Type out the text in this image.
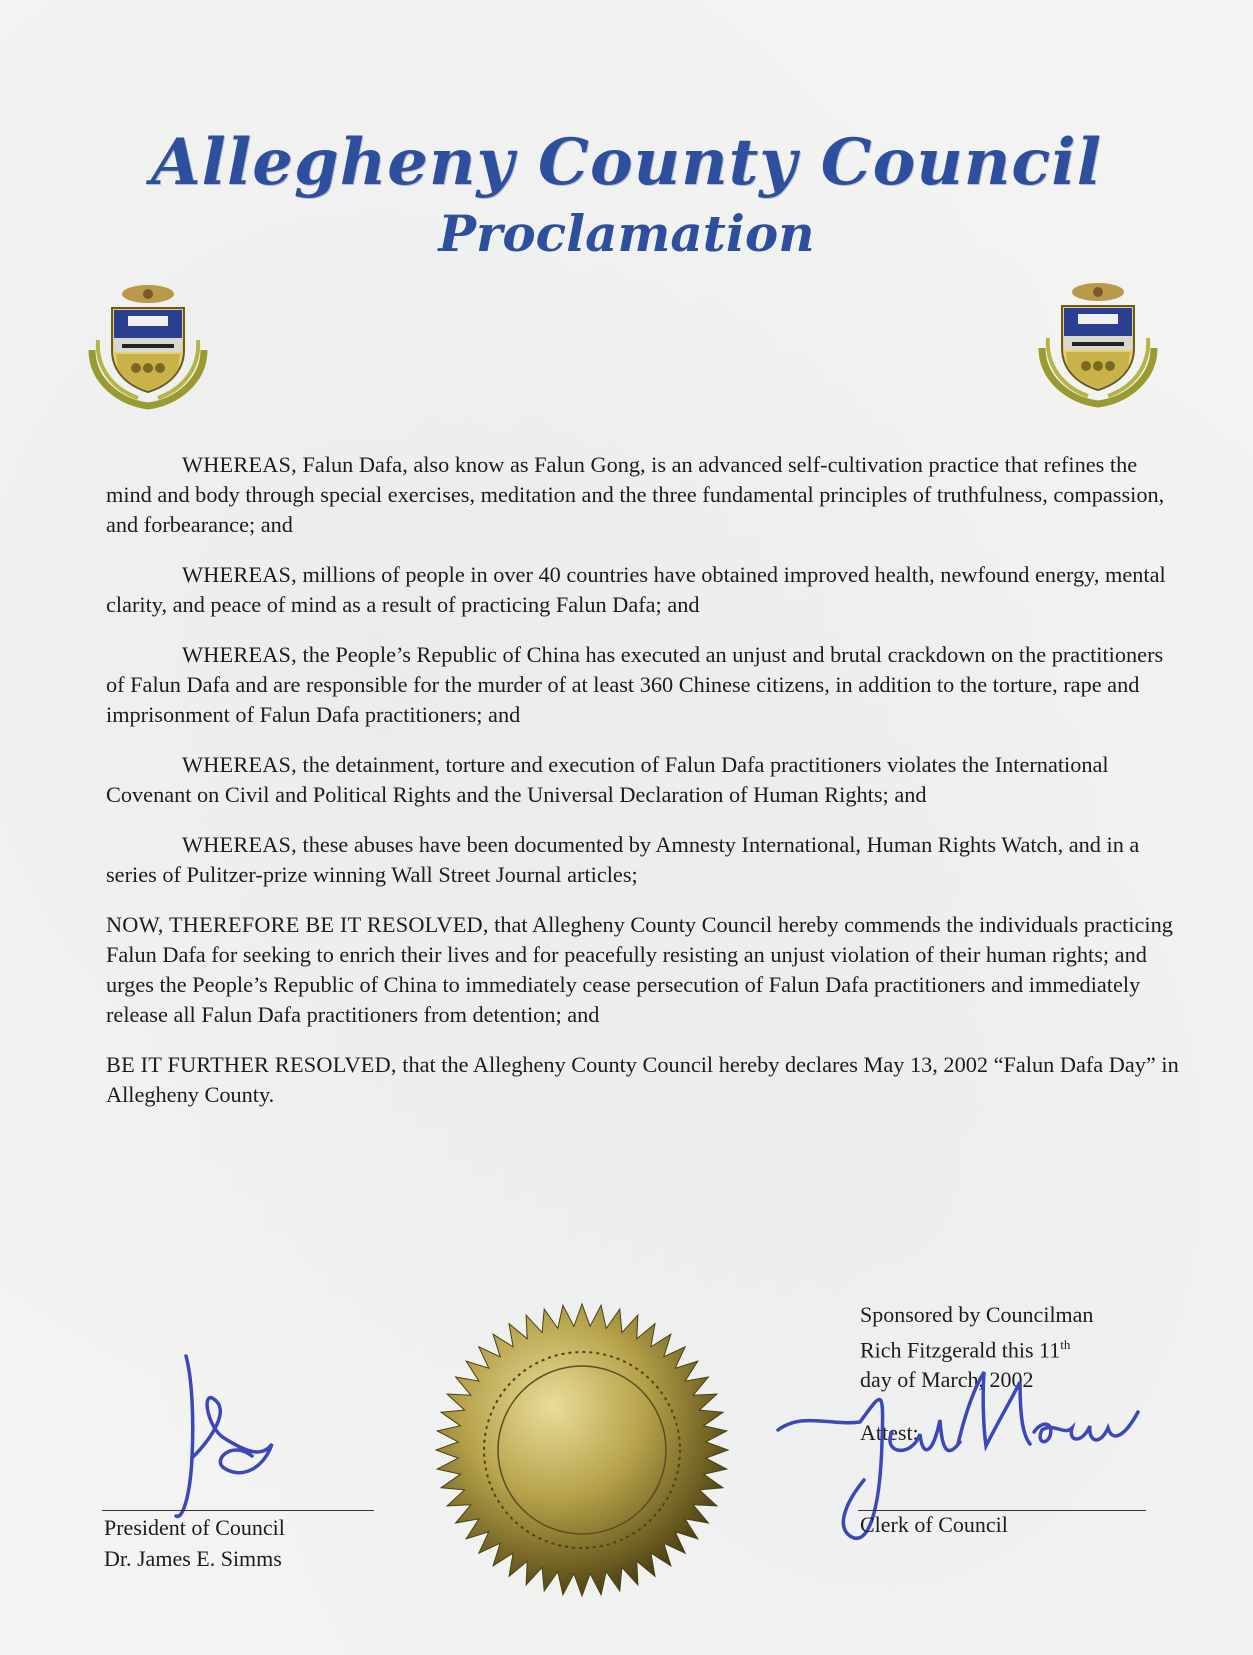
Allegheny County Council
Proclamation

WHEREAS, Falun Dafa, also know as Falun Gong, is an advanced self-cultivation practice that refines the mind and body through special exercises, meditation and the three fundamental principles of truthfulness, compassion, and forbearance; and

WHEREAS, millions of people in over 40 countries have obtained improved health, newfound energy, mental clarity, and peace of mind as a result of practicing Falun Dafa; and

WHEREAS, the People’s Republic of China has executed an unjust and brutal crackdown on the practitioners of Falun Dafa and are responsible for the murder of at least 360 Chinese citizens, in addition to the torture, rape and imprisonment of Falun Dafa practitioners; and

WHEREAS, the detainment, torture and execution of Falun Dafa practitioners violates the International Covenant on Civil and Political Rights and the Universal Declaration of Human Rights; and

WHEREAS, these abuses have been documented by Amnesty International, Human Rights Watch, and in a series of Pulitzer-prize winning Wall Street Journal articles;

NOW, THEREFORE BE IT RESOLVED, that Allegheny County Council hereby commends the individuals practicing Falun Dafa for seeking to enrich their lives and for peacefully resisting an unjust violation of their human rights; and urges the People’s Republic of China to immediately cease persecution of Falun Dafa practitioners and immediately release all Falun Dafa practitioners from detention; and

BE IT FURTHER RESOLVED, that the Allegheny County Council hereby declares May 13, 2002 “Falun Dafa Day” in Allegheny County.

Sponsored by Councilman
Rich Fitzgerald this 11th
day of March, 2002
Attest:
President of Council
Dr. James E. Simms
Clerk of Council
